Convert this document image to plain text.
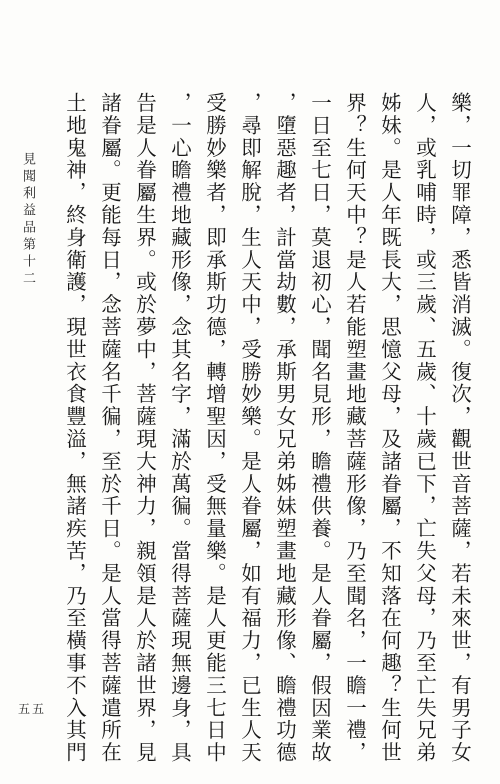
樂，一切罪障，悉皆消滅。復次，觀世音菩薩，若未來世，有男子女
人，或乳哺時，或三歲、五歲、十歲已下，亡失父母，乃至亡失兄弟
姊妹。是人年既長大，思憶父母，及諸眷屬，不知落在何趣？生何世
界？生何天中？是人若能塑畫地藏菩薩形像，乃至聞名，一瞻一禮，
一日至七日，莫退初心，聞名見形，瞻禮供養。是人眷屬，假因業故
，墮惡趣者，計當劫數，承斯男女兄弟姊妹塑畫地藏形像、瞻禮功德
，尋即解脫，生人天中，受勝妙樂。是人眷屬，如有福力，已生人天
受勝妙樂者，即承斯功德，轉增聖因，受無量樂。是人更能三七日中
，一心瞻禮地藏形像，念其名字，滿於萬徧。當得菩薩現無邊身，具
告是人眷屬生界。或於夢中，菩薩現大神力，親領是人於諸世界，見
諸眷屬。更能每日，念菩薩名千徧，至於千日。是人當得菩薩遣所在
土地鬼神，終身衛護，現世衣食豐溢，無諸疾苦，乃至橫事不入其門
見聞利益品第十二
五五
